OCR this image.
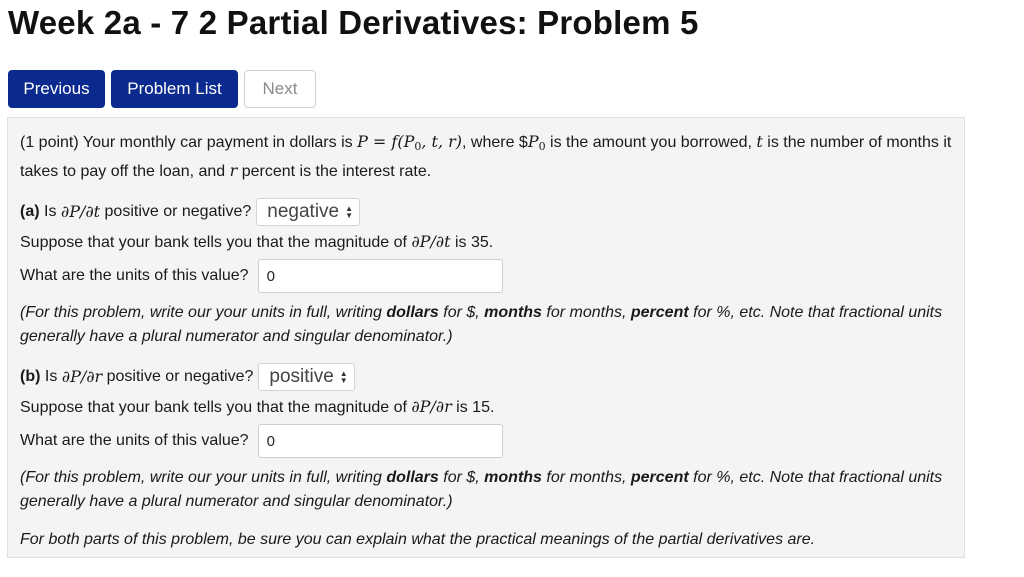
Week 2a - 7 2 Partial Derivatives: Problem 5
Previous	Problem List	Next

(1 point) Your monthly car payment in dollars is $P = f(P_0$, t, r), where $\$P_0$ is the amount you borrowed, t is the number of months it takes to pay off the loan, and r percent is the interest rate.

(a)
Is
∂P/∂t
positive or negative? negative ▲
▼

Suppose that your bank tells you that the magnitude of ∂P/∂t is 35.

What are the units of this value?
0

(For this problem, write our your units in full, writing dollars for $, months for months, percent for %, etc. Note that fractional units generally have a plural numerator and singular denominator.)

(b)
Is
∂P/∂r
positive or negative? positive ▲
▼

Suppose that your bank tells you that the magnitude of ∂P/∂r is 15.

What are the units of this value?
0

(For this problem, write our your units in full, writing dollars for $, months for months, percent for %, etc. Note that fractional units generally have a plural numerator and singular denominator.)

For both parts of this problem, be sure you can explain what the practical meanings of the partial derivatives are.
